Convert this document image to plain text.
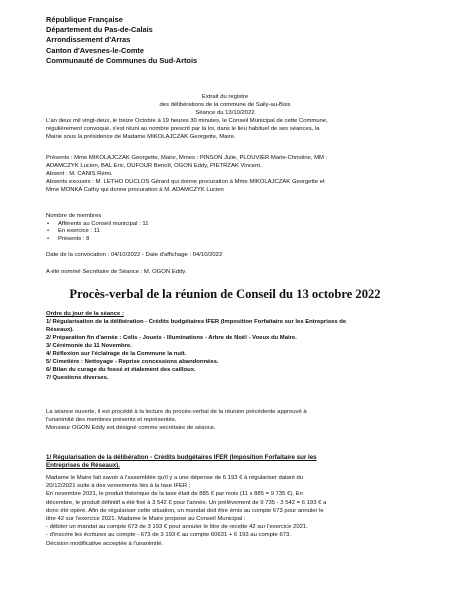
République Française
Département du Pas-de-Calais
Arrondissement d'Arras
Canton d'Avesnes-le-Comte
Communauté de Communes du Sud-Artois
Extrait du registre
des délibérations de la commune de Saily-au-Bois
Séance du 13/10/2022
L'an deux mil vingt-deux, le treize Octobre à 19 heures 30 minutes, le Conseil Municipal de cette Commune,
régulièrement convoqué, s'est réuni au nombre prescrit par la loi, dans le lieu habituel de ses séances, la
Mairie sous la présidence de Madame MIKOLAJCZAK Georgette, Maire.
Présents : Mme MIKOLAJCZAK Georgette, Maire, Mmes : PINSON Julie, PLOUVIER Marie-Christine, MM :
ADAMCZYK Lucien, BAL Eric, DUFOUR Benoît, OGON Eddy, PIETRZAK Vincent.
Absent : M. CANIS Rémi.
Absents excusés : M. LETHO DUCLOS Gérard qui donne procuration à Mme MIKOLAJCZAK Georgette et
Mme MONKA Cathy qui donne procuration à M. ADAMCZYK Lucien
Nombre de membres
• Afférents au Conseil municipal : 11
• En exercice : 11
• Présents : 8
Date de la convocation : 04/10/2022 - Date d'affichage : 04/10/2022
A été nommé Secrétaire de Séance : M. OGON Eddy.
Procès-verbal de la réunion de Conseil du 13 octobre 2022
Ordre du jour de la séance :
1/ Régularisation de la délibération - Crédits budgétaires IFER (Imposition Forfaitaire sur les Entreprises de
Réseaux).
2/ Préparation fin d'année : Colis - Jouets - Illuminations - Arbre de Noël - Voeux du Maire.
3/ Cérémonie du 11 Novembre.
4/ Réflexion sur l'éclairage de la Commune la nuit.
5/ Cimetière : Nettoyage - Reprise concessions abandonnées.
6/ Bilan du curage du fossé et étalement des cailloux.
7/ Questions diverses.
La séance ouverte, il est procédé à la lecture du procès-verbal de la réunion précédente approuvé à
l'unanimité des membres présents et représentés.
Monsieur OGON Eddy est désigné comme secrétaire de séance.
1/ Régularisation de la délibération - Crédits budgétaires IFER (Imposition Forfaitaire sur les
Entreprises de Réseaux).
Madame le Maire fait savoir à l'assemblée qu'il y a une dépense de 6 193 € à régulariser datant du
20/12/2021 suite à des versements liés à la taxe IFER ;
En novembre 2021, le produit théorique de la taxe était de 885 € par mois (11 x 885 = 9 735 €). En
décembre, le produit définitif a été fixé à 3 542 € pour l'année. Un prélèvement de 9 735 - 3 542 = 6 193 € a
donc été opéré. Afin de régulariser cette situation, un mandat doit être émis au compte 673 pour annuler le
titre 42 sur l'exercice 2021. Madame le Maire propose au Conseil Municipal :
- débiter un mandat au compte 673 de 3 193 € pour annuler le titre de recette 42 sur l'exercice 2021.
- d'inscrire les écritures au compte - 673 de 3 193 € au compte 60631 + 6 193 au compte 673.
Décision modificative acceptée à l'unanimité.
